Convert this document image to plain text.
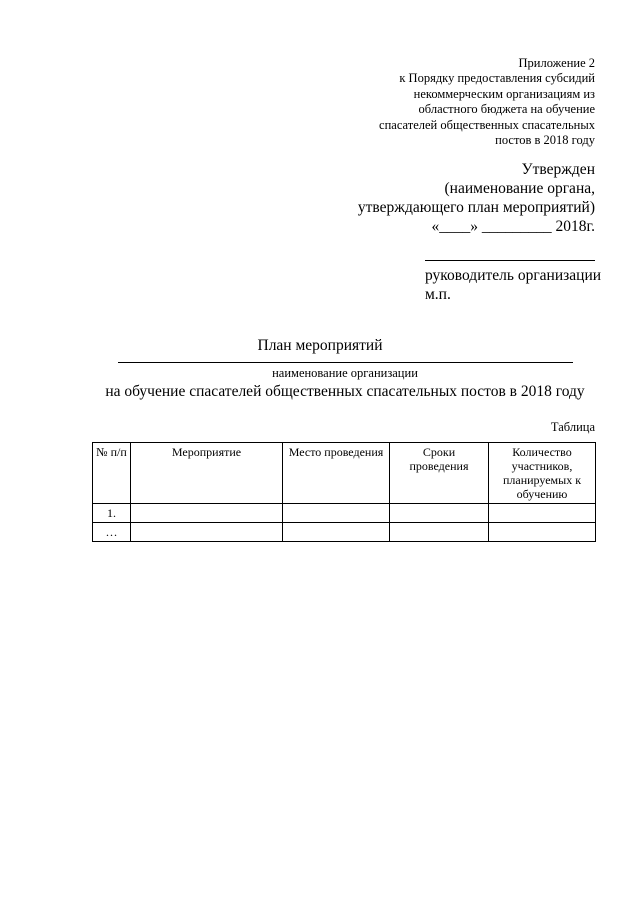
Приложение 2
к Порядку предоставления субсидий
некоммерческим организациям из
областного бюджета на обучение
спасателей общественных спасательных
постов в 2018 году
Утвержден
(наименование органа,
утверждающего план мероприятий)
«____» _________ 2018г.
руководитель организации
м.п.
План мероприятий
наименование организации
на обучение спасателей общественных спасательных постов в 2018 году
Таблица
№ п/п	Мероприятие	Место проведения	Сроки проведения	Количество участников, планируемых к обучению
1.				
…				
